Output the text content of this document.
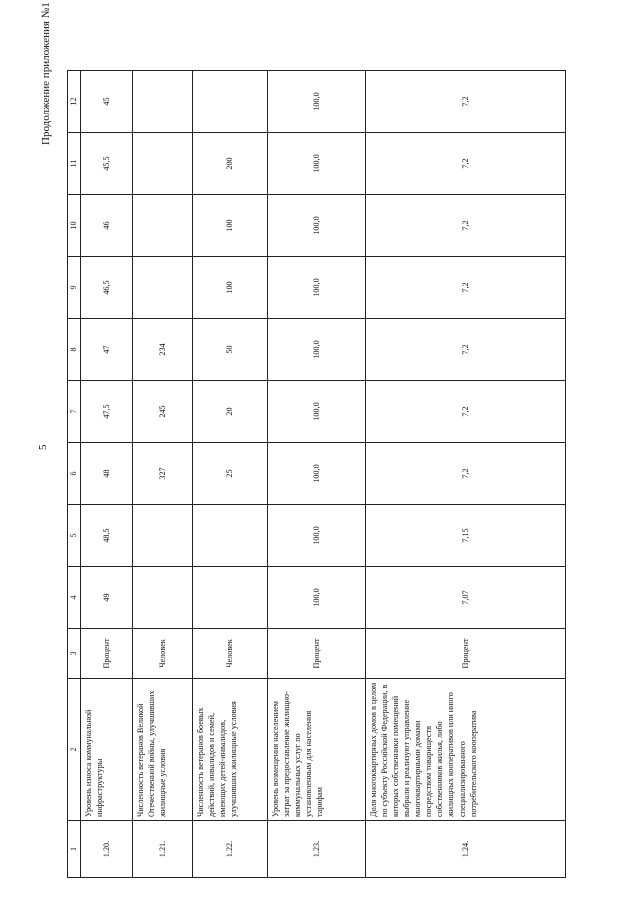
5
Продолжение приложения №1
1	2	3	4	5	6	7	8	9	10	11	12
1.20.	Уровень износа коммунальной инфраструктуры	Процент	49	48,5	48	47,5	47	46,5	46	45,5	45
1.21.	Численность ветеранов Великой Отечественной войны, улучшивших жилищные условия	Человек			327	245	234				
1.22.	Численность ветеранов боевых действий, инвалидов и семей, имеющих детей-инвалидов, улучшивших жилищные условия	Человек			25	20	50	100	100	200	
1.23.	Уровень возмещения населением затрат за предоставление жилищно-коммунальных услуг по установленным для населения тарифам	Процент	100,0	100,0	100,0	100,0	100,0	100,0	100,0	100,0	100,0
1.24.	Доля многоквартирных домов в целом по субъекту Российской Федерации, в которых собственники помещений выбрали и реализуют управление многоквартирными домами посредством товариществ собственников жилья, либо жилищных кооперативов или иного специализированного потребительского кооператива	Процент	7,07	7,15	7,2	7,2	7,2	7,2	7,2	7,2	7,2
